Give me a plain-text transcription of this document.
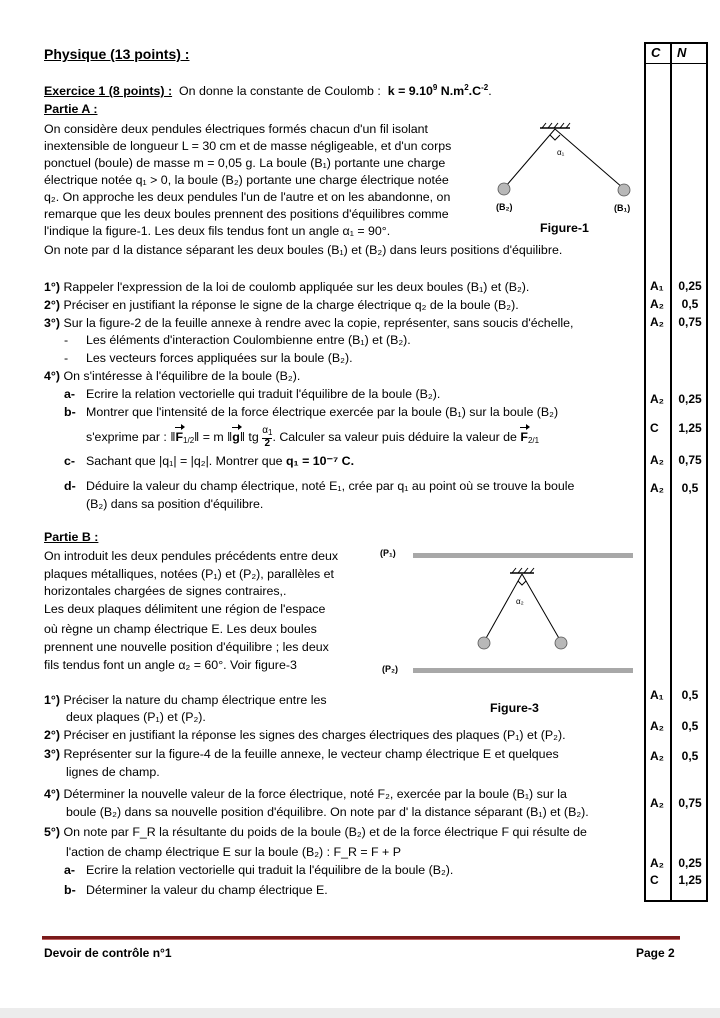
Physique (13 points) :
Exercice 1 (8 points) : On donne la constante de Coulomb : $k = 9.10^9$ $N.m^2.C^{-2}$.
Partie A :
On considère deux pendules électriques formés chacun d'un fil isolant
inextensible de longueur L = 30 cm et de masse négligeable, et d'un corps
ponctuel (boule) de masse m = 0,05 g. La boule (B₁) portante une charge
électrique notée q₁ > 0, la boule (B₂) portante une charge électrique notée
q₂. On approche les deux pendules l'un de l'autre et on les abandonne, on
remarque que les deux boules prennent des positions d'équilibres comme
l'indique la figure-1. Les deux fils tendus font un angle α₁ = 90°.
On note par d la distance séparant les deux boules (B₁) et (B₂) dans leurs positions d'équilibre.
α₁
(B₂)	(B₁)
Figure-1
1°) Rappeler l'expression de la loi de coulomb appliquée sur les deux boules (B₁) et (B₂).
2°) Préciser en justifiant la réponse le signe de la charge électrique q₂ de la boule (B₂).
3°) Sur la figure-2 de la feuille annexe à rendre avec la copie, représenter, sans soucis d'échelle,
- Les éléments d'interaction Coulombienne entre (B₁) et (B₂).
- Les vecteurs forces appliquées sur la boule (B₂).
4°) On s'intéresse à l'équilibre de la boule (B₂).
a- Ecrire la relation vectorielle qui traduit l'équilibre de la boule (B₂).
b- Montrer que l'intensité de la force électrique exercée par la boule (B₁) sur la boule (B₂)
s'exprime par : $‖F_{1/2}‖ = m$ ‖g‖ tg $\frac{\alpha_1}{2}$. Calculer sa valeur puis déduire la valeur de $F_{2/1}$
c- Sachant que |q₁| = |q₂|. Montrer que q₁ = 10⁻⁷ C.
d- Déduire la valeur du champ électrique, noté E₁, crée par q₁ au point où se trouve la boule
(B₂) dans sa position d'équilibre.
Partie B :
On introduit les deux pendules précédents entre deux
plaques métalliques, notées (P₁) et (P₂), parallèles et
horizontales chargées de signes contraires,.
Les deux plaques délimitent une région de l'espace
où règne un champ électrique E. Les deux boules
prennent une nouvelle position d'équilibre ; les deux
fils tendus font un angle α₂ = 60°. Voir figure-3
(P₁)
α₂
(P₂)
Figure-3
1°) Préciser la nature du champ électrique entre les
deux plaques (P₁) et (P₂).
2°) Préciser en justifiant la réponse les signes des charges électriques des plaques (P₁) et (P₂).
3°) Représenter sur la figure-4 de la feuille annexe, le vecteur champ électrique E et quelques
lignes de champ.
4°) Déterminer la nouvelle valeur de la force électrique, noté F₂, exercée par la boule (B₁) sur la
boule (B₂) dans sa nouvelle position d'équilibre. On note par d' la distance séparant (B₁) et (B₂).
5°) On note par F_R la résultante du poids de la boule (B₂) et de la force électrique F qui résulte de
l'action de champ électrique E sur la boule (B₂) : F_R = F + P
a- Ecrire la relation vectorielle qui traduit la l'équilibre de la boule (B₂).
b- Déterminer la valeur du champ électrique E.
C N
A₁	0,25
A₂	0,5
A₂	0,75
A₂	0,25
C	1,25
A₂	0,75
A₂	0,5
A₁	0,5
A₂	0,5
A₂	0,5
A₂	0,75
A₂	0,25
C	1,25
Devoir de contrôle n°1	Page 2
